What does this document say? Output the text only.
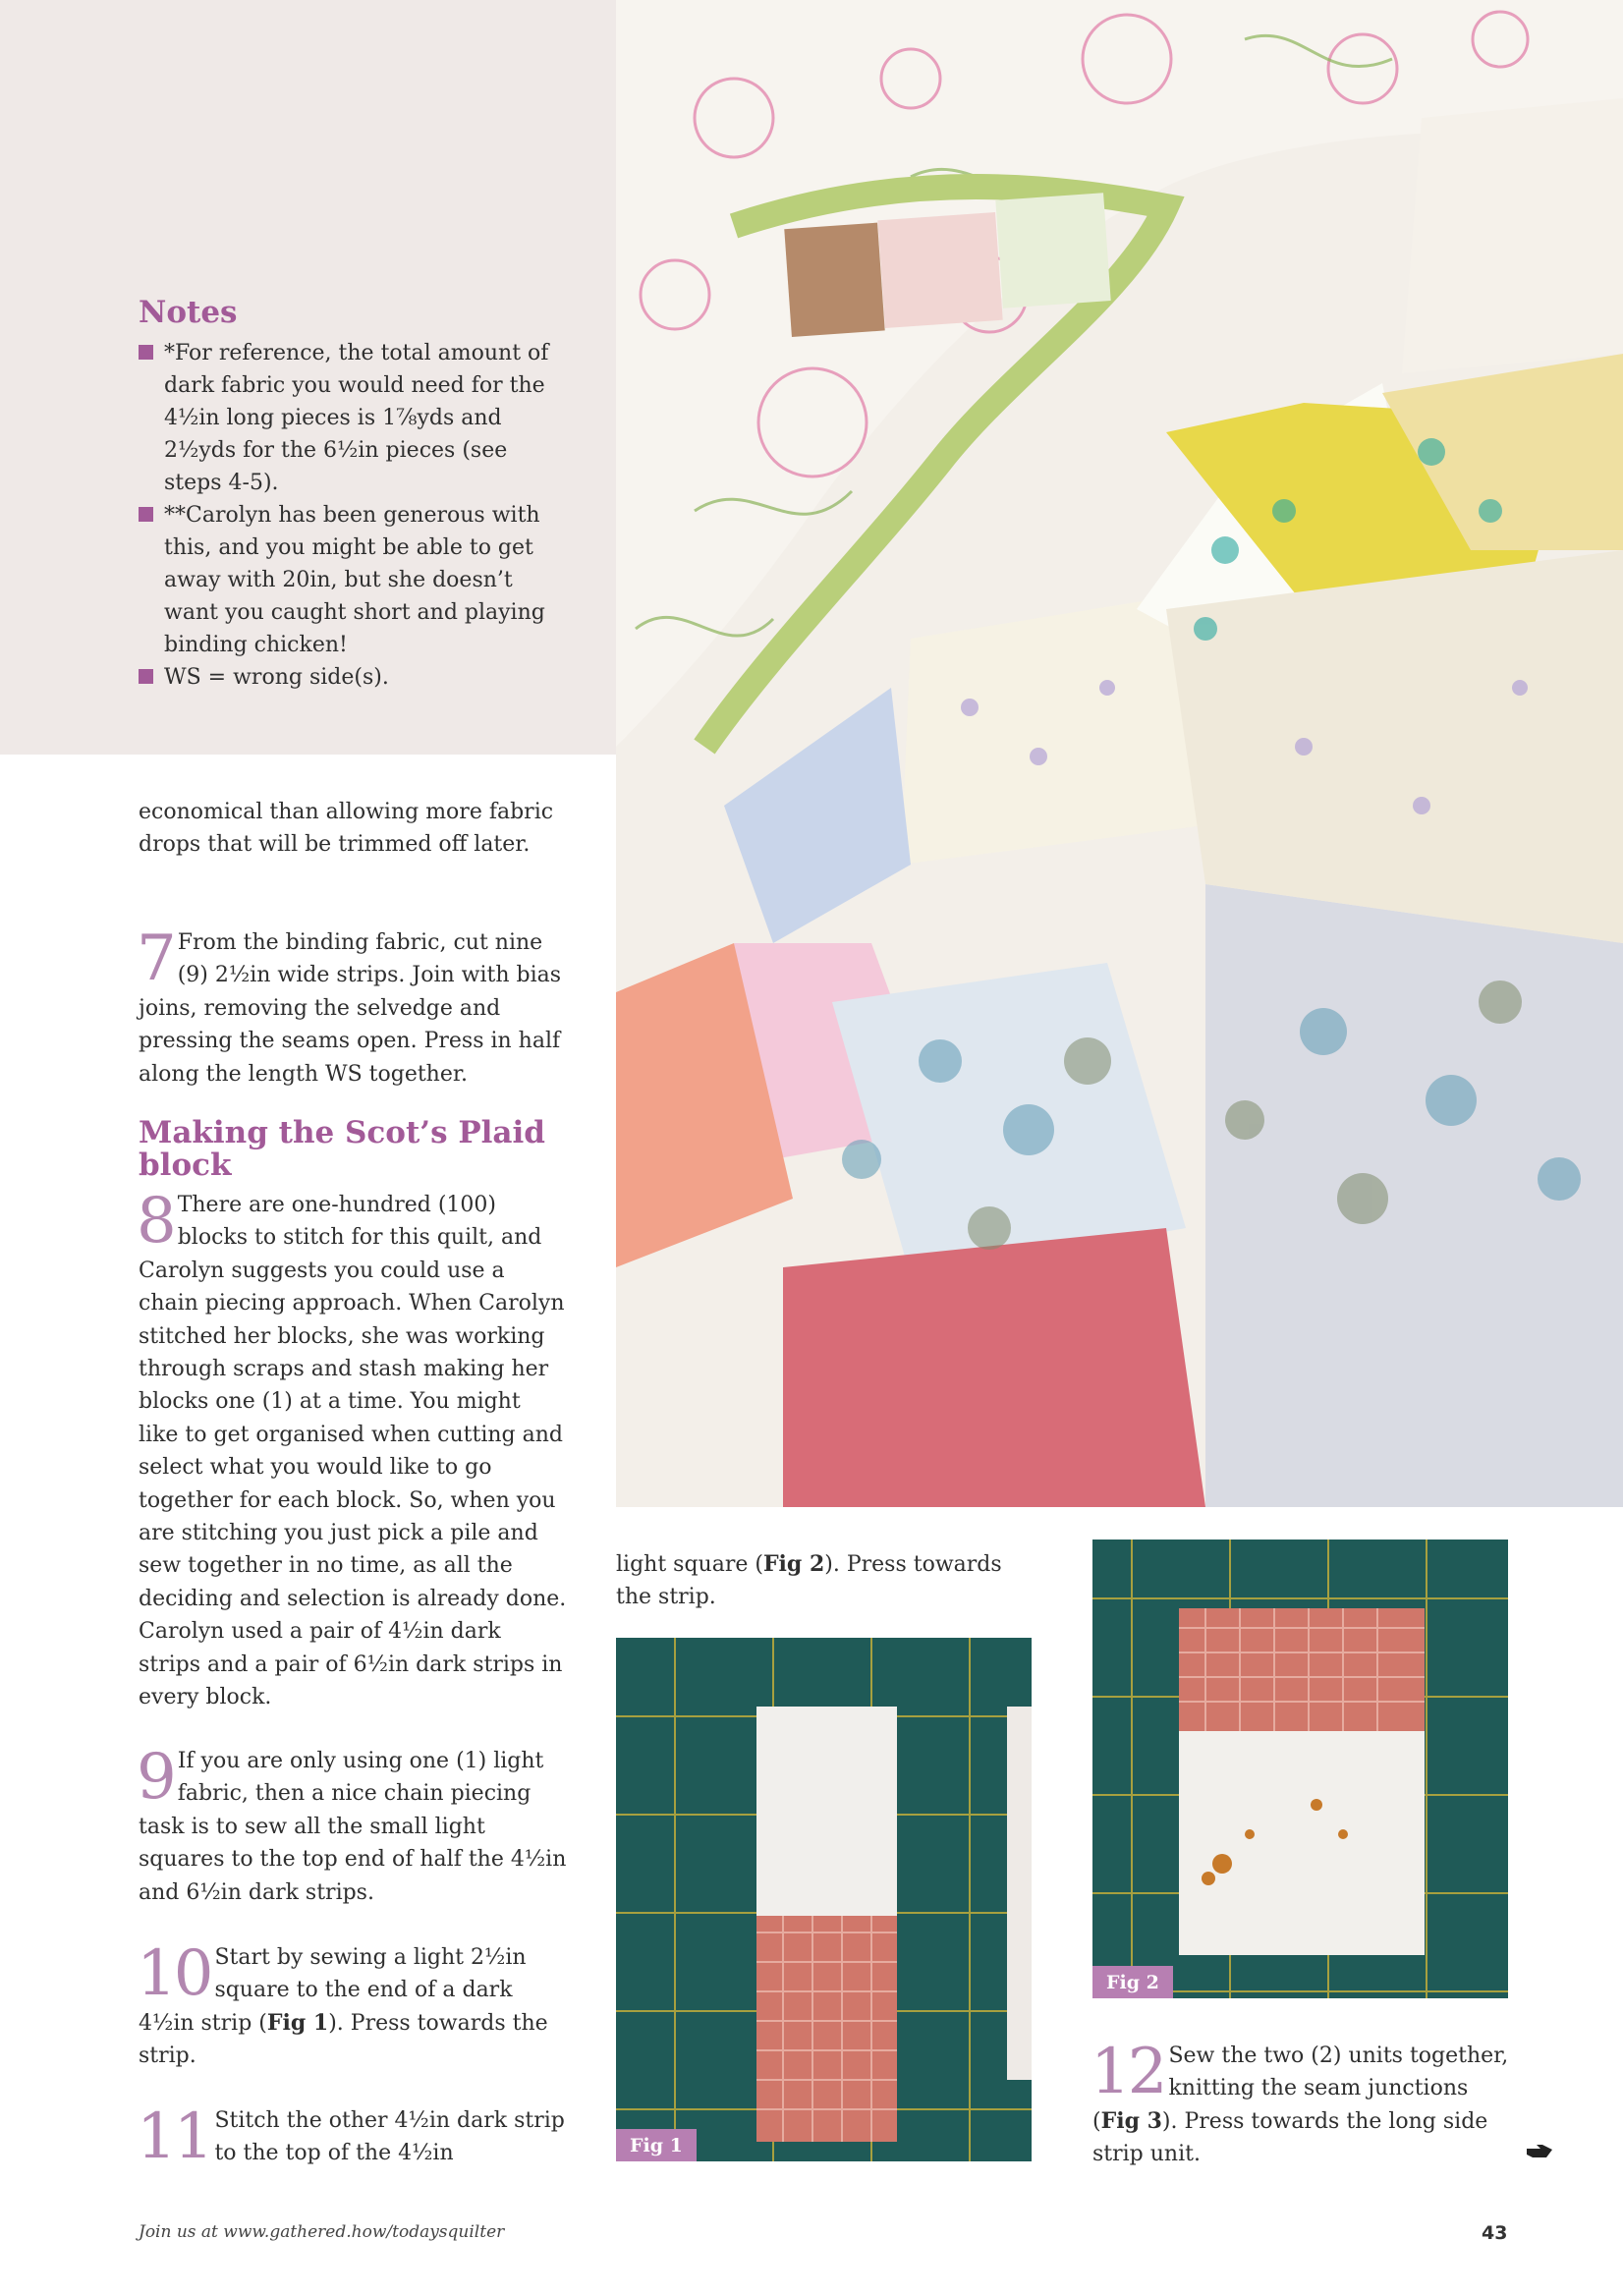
Notes
*For reference, the total amount of dark fabric you would need for the 4½in long pieces is 1⅞yds and 2½yds for the 6½in pieces (see steps 4-5).
**Carolyn has been generous with this, and you might be able to get away with 20in, but she doesn’t want you caught short and playing binding chicken!
WS = wrong side(s).

economical than allowing more fabric drops that will be trimmed off later.

7 From the binding fabric, cut nine (9) 2½in wide strips. Join with bias joins, removing the selvedge and pressing the seams open. Press in half along the length WS together.

Making the Scot’s Plaid block
8 There are one-hundred (100) blocks to stitch for this quilt, and Carolyn suggests you could use a chain piecing approach. When Carolyn stitched her blocks, she was working through scraps and stash making her blocks one (1) at a time. You might like to get organised when cutting and select what you would like to go together for each block. So, when you are stitching you just pick a pile and sew together in no time, as all the deciding and selection is already done. Carolyn used a pair of 4½in dark strips and a pair of 6½in dark strips in every block.

9 If you are only using one (1) light fabric, then a nice chain piecing task is to sew all the small light squares to the top end of half the 4½in and 6½in dark strips.

10 Start by sewing a light 2½in square to the end of a dark 4½in strip (Fig 1). Press towards the strip.

11 Stitch the other 4½in dark strip to the top of the 4½in

light square (Fig 2). Press towards the strip.

12 Sew the two (2) units together, knitting the seam junctions (Fig 3). Press towards the long side strip unit.

Fig 1
Fig 2
Join us at www.gathered.how/todaysquilter	43
